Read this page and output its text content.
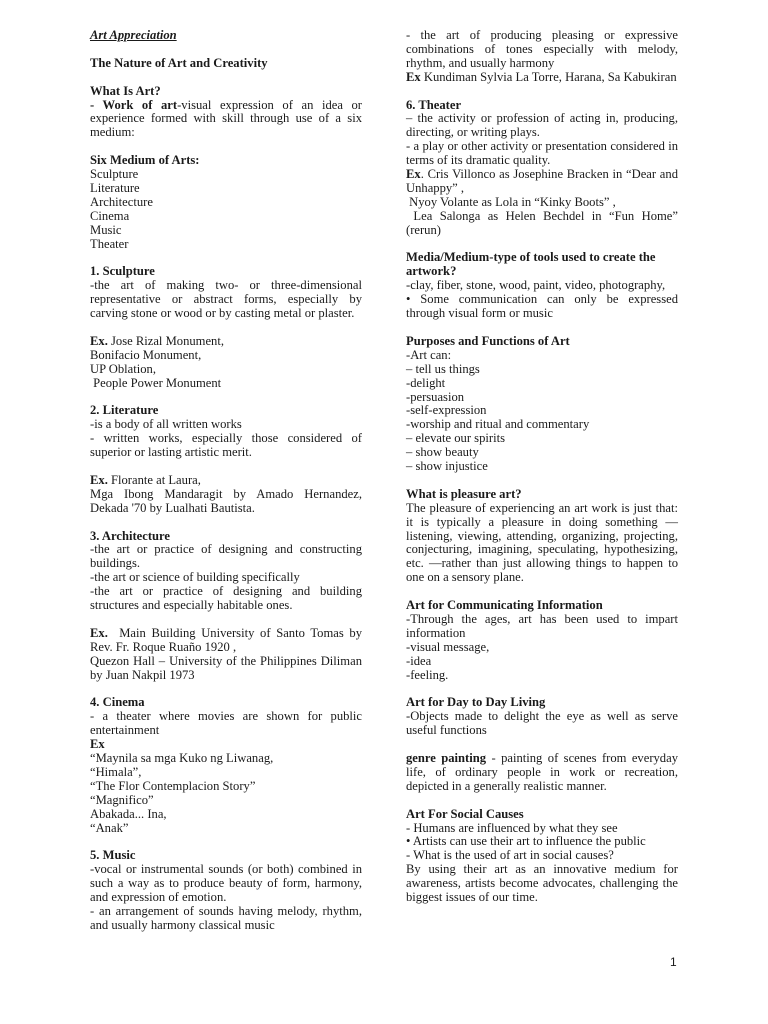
Art Appreciation
The Nature of Art and Creativity
What Is Art?
- Work of art-visual expression of an idea or experience formed with skill through use of a six medium:
Six Medium of Arts:
Sculpture
Literature
Architecture
Cinema
Music
Theater
1. Sculpture
-the art of making two- or three-dimensional representative or abstract forms, especially by carving stone or wood or by casting metal or plaster.
Ex. Jose Rizal Monument,
Bonifacio Monument,
UP Oblation,
People Power Monument
2. Literature
-is a body of all written works
- written works, especially those considered of superior or lasting artistic merit.
Ex. Florante at Laura,
Mga Ibong Mandaragit by Amado Hernandez, Dekada '70 by Lualhati Bautista.
3. Architecture
-the art or practice of designing and constructing buildings.
-the art or science of building specifically
-the art or practice of designing and building structures and especially habitable ones.
Ex.  Main Building University of Santo Tomas by Rev. Fr. Roque Ruaño 1920 ,
Quezon Hall – University of the Philippines Diliman by Juan Nakpil 1973
4. Cinema
- a theater where movies are shown for public entertainment
Ex
“Maynila sa mga Kuko ng Liwanag,
“Himala”,
“The Flor Contemplacion Story”
“Magnifico”
Abakada... Ina,
“Anak”
5. Music
-vocal or instrumental sounds (or both) combined in such a way as to produce beauty of form, harmony, and expression of emotion.
- an arrangement of sounds having melody, rhythm, and usually harmony classical music
- the art of producing pleasing or expressive combinations of tones especially with melody, rhythm, and usually harmony
Ex Kundiman Sylvia La Torre, Harana, Sa Kabukiran
6. Theater
– the activity or profession of acting in, producing, directing, or writing plays.
- a play or other activity or presentation considered in terms of its dramatic quality.
Ex. Cris Villonco as Josephine Bracken in “Dear and Unhappy” ,
Nyoy Volante as Lola in “Kinky Boots” ,
Lea Salonga as Helen Bechdel in “Fun Home” (rerun)
Media/Medium-type of tools used to create the artwork?
-clay, fiber, stone, wood, paint, video, photography,
• Some communication can only be expressed through visual form or music
Purposes and Functions of Art
-Art can:
– tell us things
-delight
-persuasion
-self-expression
-worship and ritual and commentary
– elevate our spirits
– show beauty
– show injustice
What is pleasure art?
The pleasure of experiencing an art work is just that: it is typically a pleasure in doing something —listening, viewing, attending, organizing, projecting, conjecturing, imagining, speculating, hypothesizing, etc. —rather than just allowing things to happen to one on a sensory plane.
Art for Communicating Information
-Through the ages, art has been used to impart information
-visual message,
-idea
-feeling.
Art for Day to Day Living
-Objects made to delight the eye as well as serve useful functions
genre painting - painting of scenes from everyday life, of ordinary people in work or recreation, depicted in a generally realistic manner.
Art For Social Causes
- Humans are influenced by what they see
• Artists can use their art to influence the public
- What is the used of art in social causes?
By using their art as an innovative medium for awareness, artists become advocates, challenging the biggest issues of our time.
1
